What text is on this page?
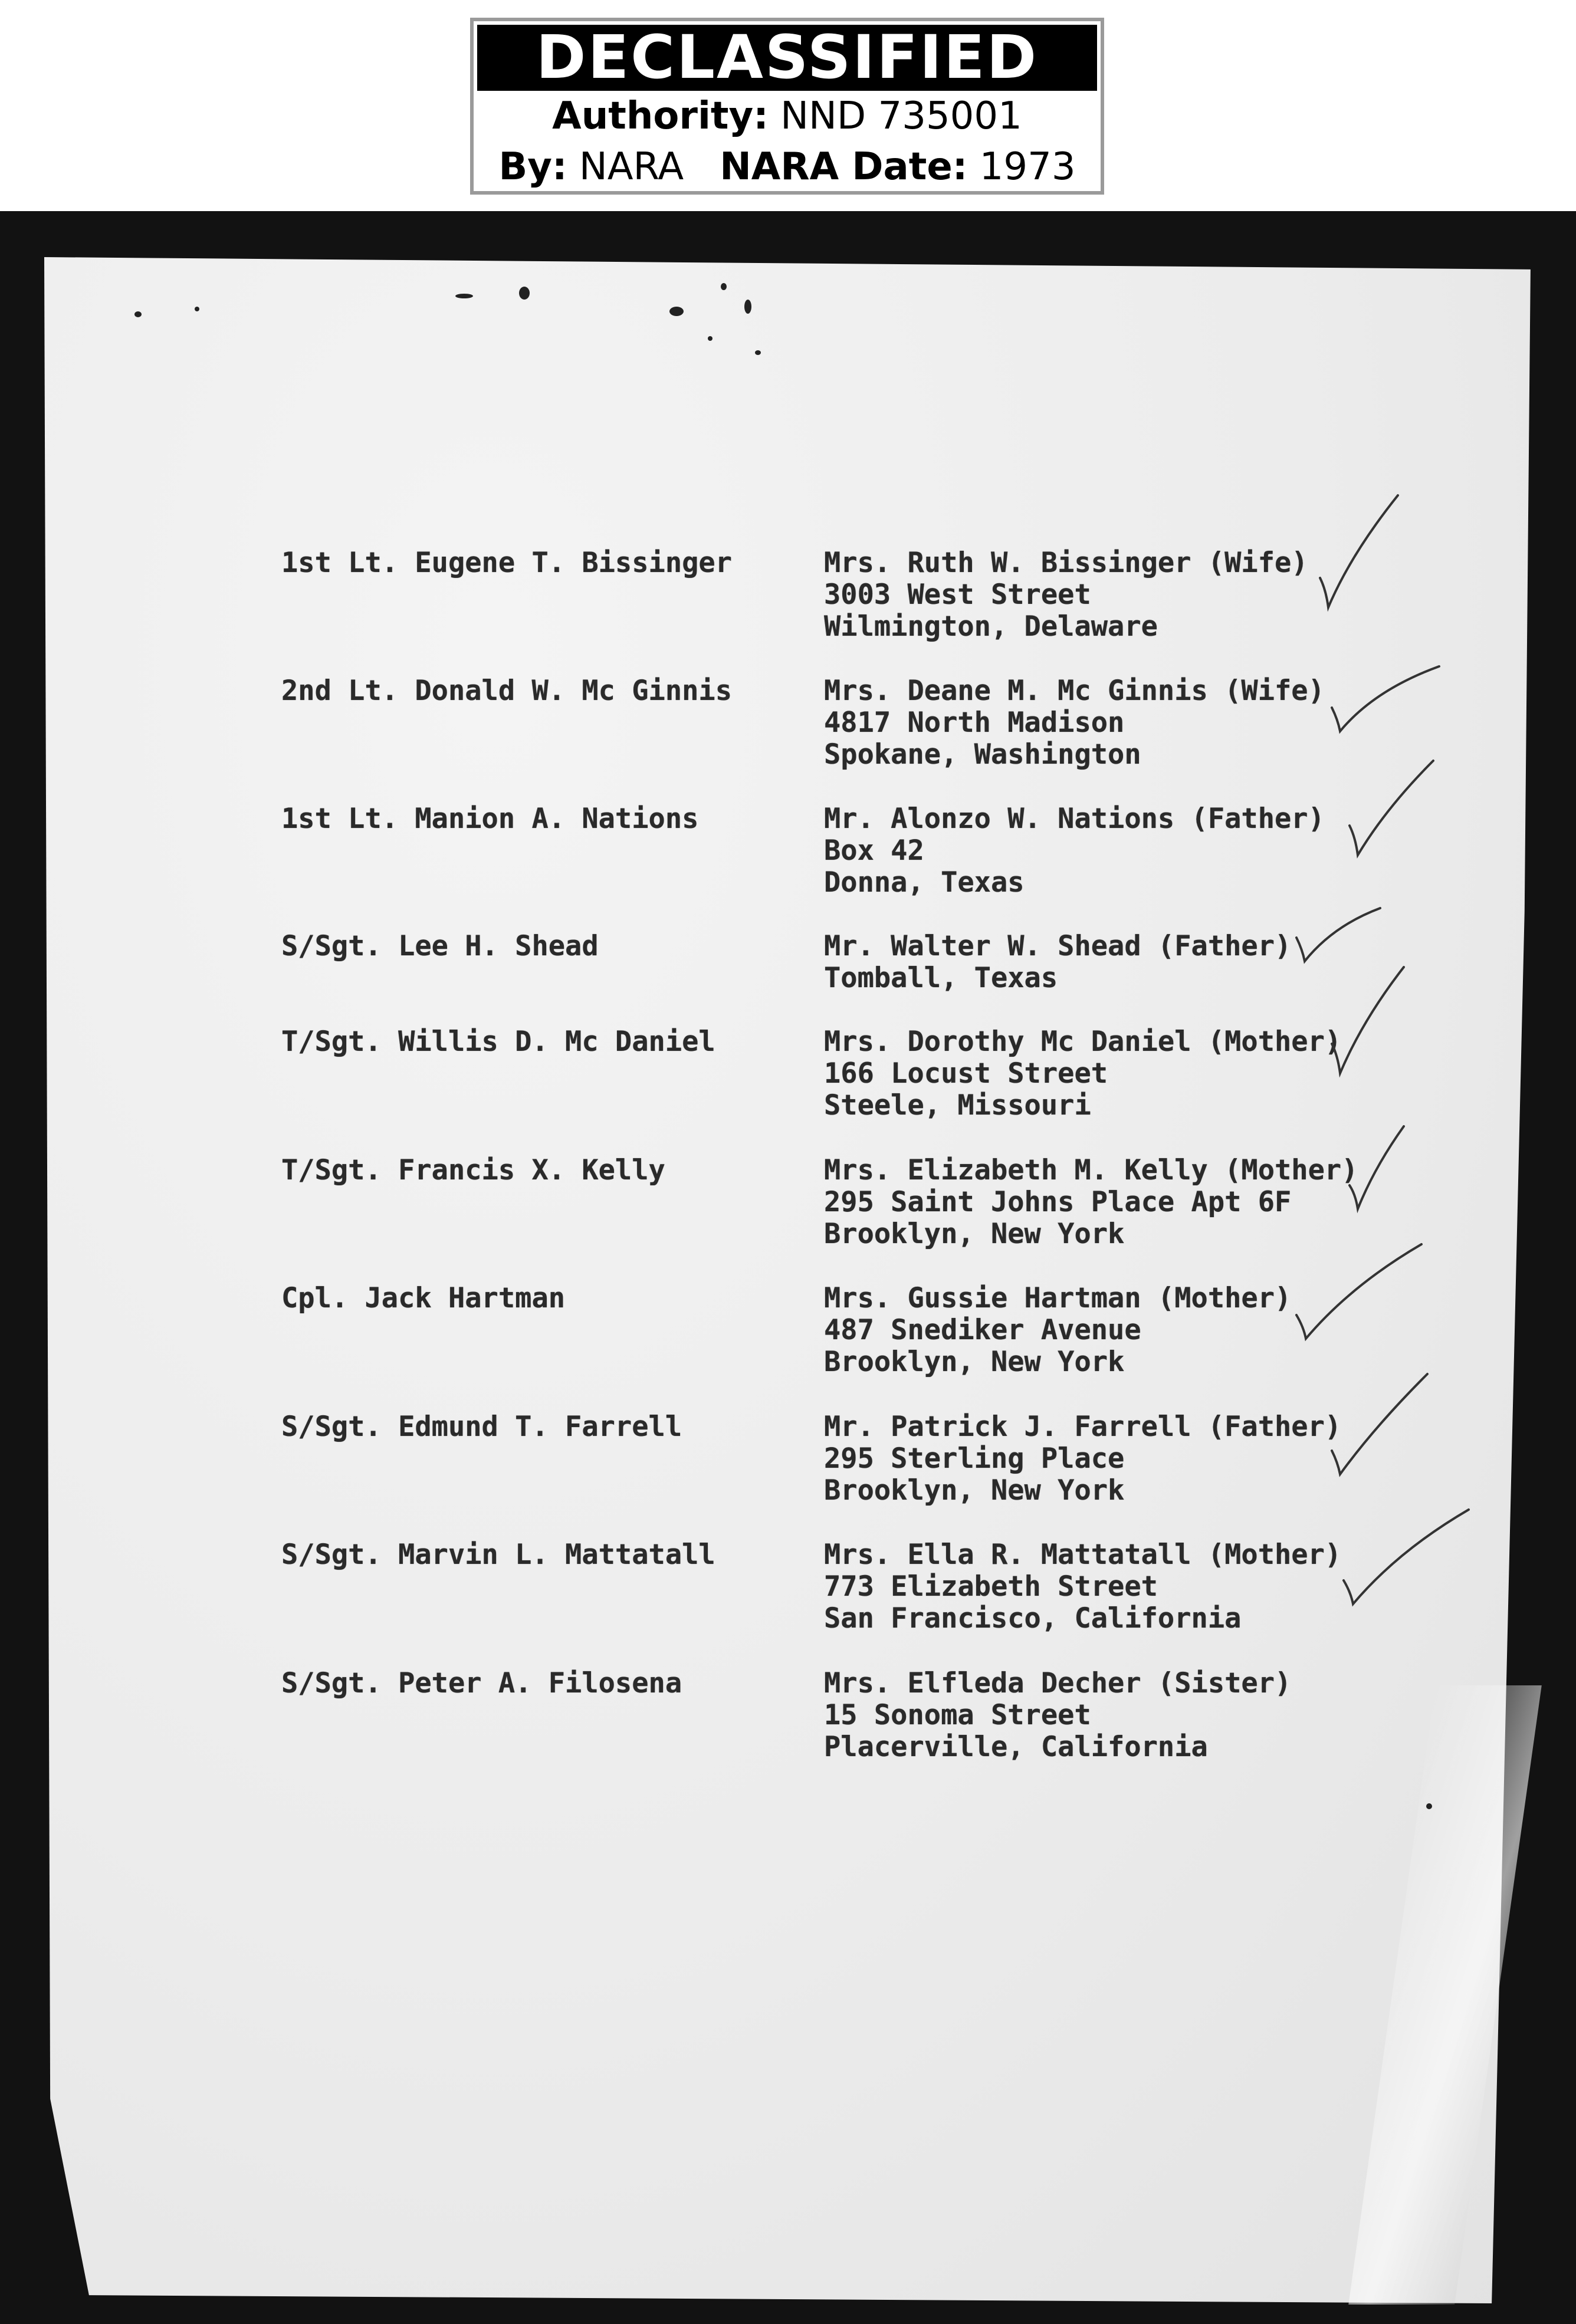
DECLASSIFIED
Authority: NND 735001
By: NARA NARA Date: 1973
1st Lt. Eugene T. Bissinger	Mrs. Ruth W. Bissinger (Wife)
3003 West Street
Wilmington, Delaware
2nd Lt. Donald W. Mc Ginnis	Mrs. Deane M. Mc Ginnis (Wife)
4817 North Madison
Spokane, Washington
1st Lt. Manion A. Nations	Mr. Alonzo W. Nations (Father)
Box 42
Donna, Texas
S/Sgt. Lee H. Shead	Mr. Walter W. Shead (Father)
Tomball, Texas
T/Sgt. Willis D. Mc Daniel	Mrs. Dorothy Mc Daniel (Mother)
166 Locust Street
Steele, Missouri
T/Sgt. Francis X. Kelly	Mrs. Elizabeth M. Kelly (Mother)
295 Saint Johns Place Apt 6F
Brooklyn, New York
Cpl. Jack Hartman	Mrs. Gussie Hartman (Mother)
487 Snediker Avenue
Brooklyn, New York
S/Sgt. Edmund T. Farrell	Mr. Patrick J. Farrell (Father)
295 Sterling Place
Brooklyn, New York
S/Sgt. Marvin L. Mattatall	Mrs. Ella R. Mattatall (Mother)
773 Elizabeth Street
San Francisco, California
S/Sgt. Peter A. Filosena	Mrs. Elfleda Decher (Sister)
15 Sonoma Street
Placerville, California
